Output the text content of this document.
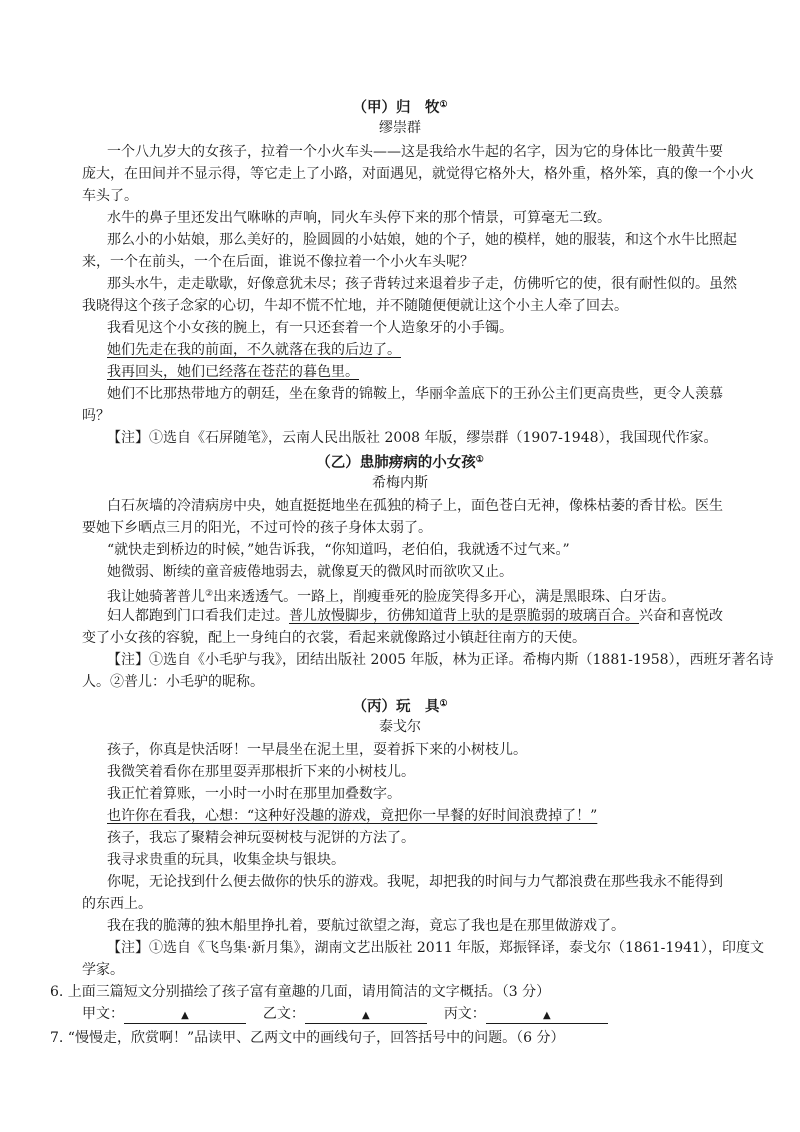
（甲）归　牧①
缪崇群
一个八九岁大的女孩子，拉着一个小火车头——这是我给水牛起的名字，因为它的身体比一般黄牛要
庞大，在田间并不显示得，等它走上了小路，对面遇见，就觉得它格外大，格外重，格外笨，真的像一个小火
车头了。
水牛的鼻子里还发出气咻咻的声响，同火车头停下来的那个情景，可算毫无二致。
那么小的小姑娘，那么美好的，脸圆圆的小姑娘，她的个子，她的模样，她的服装，和这个水牛比照起
来，一个在前头，一个在后面，谁说不像拉着一个小火车头呢？
那头水牛，走走歇歇，好像意犹未尽；孩子背转过来退着步子走，仿佛听它的使，很有耐性似的。虽然
我晓得这个孩子念家的心切，牛却不慌不忙地，并不随随便便就让这个小主人牵了回去。
我看见这个小女孩的腕上，有一只还套着一个人造象牙的小手镯。
她们先走在我的前面，不久就落在我的后边了。
我再回头，她们已经落在苍茫的暮色里。
她们不比那热带地方的朝廷，坐在象背的锦鞍上，华丽伞盖底下的王孙公主们更高贵些，更令人羡慕
吗？
【注】①选自《石屏随笔》，云南人民出版社 2008 年版，缪崇群（1907-1948），我国现代作家。
（乙）患肺痨病的小女孩①
希梅内斯
白石灰墙的冷清病房中央，她直挺挺地坐在孤独的椅子上，面色苍白无神，像株枯萎的香甘松。医生
要她下乡晒点三月的阳光，不过可怜的孩子身体太弱了。
“就快走到桥边的时候，”她告诉我，“你知道吗，老伯伯，我就透不过气来。”
她微弱、断续的童音疲倦地弱去，就像夏天的微风时而欲吹又止。
我让她骑著普儿②出来透透气。一路上，削瘦垂死的脸庞笑得多开心，满是黑眼珠、白牙齿。
妇人都跑到门口看我们走过。普儿放慢脚步，彷佛知道背上驮的是票脆弱的玻璃百合。兴奋和喜悦改
变了小女孩的容貌，配上一身纯白的衣裳，看起来就像路过小镇赶往南方的天使。
【注】①选自《小毛驴与我》，团结出版社 2005 年版，林为正译。希梅内斯（1881-1958），西班牙著名诗
人。②普儿：小毛驴的昵称。
（丙）玩　具①
泰戈尔
孩子，你真是快活呀！一早晨坐在泥土里，耍着拆下来的小树枝儿。
我微笑着看你在那里耍弄那根折下来的小树枝儿。
我正忙着算账，一小时一小时在那里加叠数字。
也许你在看我，心想：“这种好没趣的游戏，竟把你一早餐的好时间浪费掉了！”
孩子，我忘了聚精会神玩耍树枝与泥饼的方法了。
我寻求贵重的玩具，收集金块与银块。
你呢，无论找到什么便去做你的快乐的游戏。我呢，却把我的时间与力气都浪费在那些我永不能得到
的东西上。
我在我的脆薄的独木船里挣扎着，要航过欲望之海，竟忘了我也是在那里做游戏了。
【注】①选自《飞鸟集·新月集》，湖南文艺出版社 2011 年版，郑振铎译，泰戈尔（1861-1941），印度文
学家。
6. 上面三篇短文分别描绘了孩子富有童趣的几面，请用简洁的文字概括。（3 分）
甲文：	▲	乙文：	▲	丙文：	▲
7. “慢慢走，欣赏啊！”品读甲、乙两文中的画线句子，回答括号中的问题。（6 分）
